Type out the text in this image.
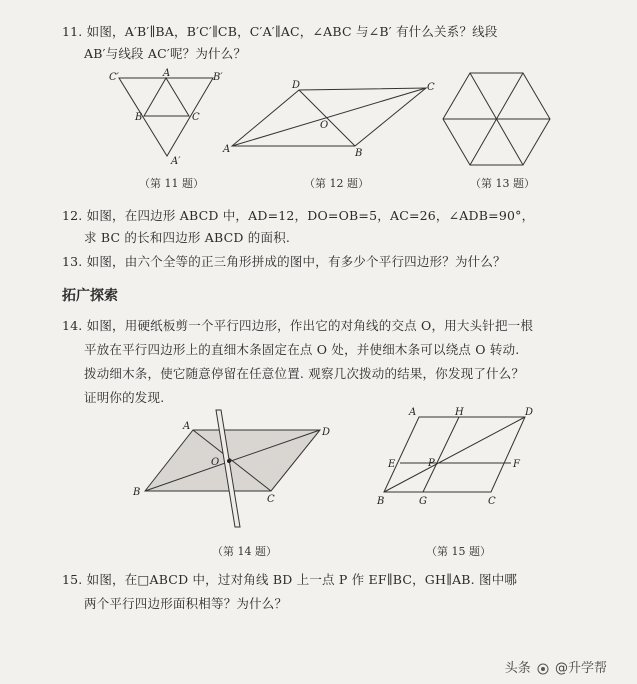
11. 如图，A′B′∥BA，B′C′∥CB，C′A′∥AC，∠ABC 与∠B′ 有什么关系？线段
AB′与线段 AC′呢？为什么？
C′	A	B′
B	C
A′
（第 11 题）
D	C
O
A	B
（第 12 题）	（第 13 题）
12. 如图，在四边形 ABCD 中，AD=12，DO=OB=5，AC=26，∠ADB=90°，
求 BC 的长和四边形 ABCD 的面积.
13. 如图，由六个全等的正三角形拼成的图中，有多少个平行四边形？为什么？
拓广探索
14. 如图，用硬纸板剪一个平行四边形，作出它的对角线的交点 O，用大头针把一根
平放在平行四边形上的直细木条固定在点 O 处，并使细木条可以绕点 O 转动.
拨动细木条，使它随意停留在任意位置. 观察几次拨动的结果，你发现了什么？
证明你的发现.
A
D
O
B
C
（第 14 题）
A	H	D
E	P	F
B	G	C
（第 15 题）
15. 如图，在□ABCD 中，过对角线 BD 上一点 P 作 EF∥BC，GH∥AB. 图中哪
两个平行四边形面积相等？为什么？
头条 @升学帮
